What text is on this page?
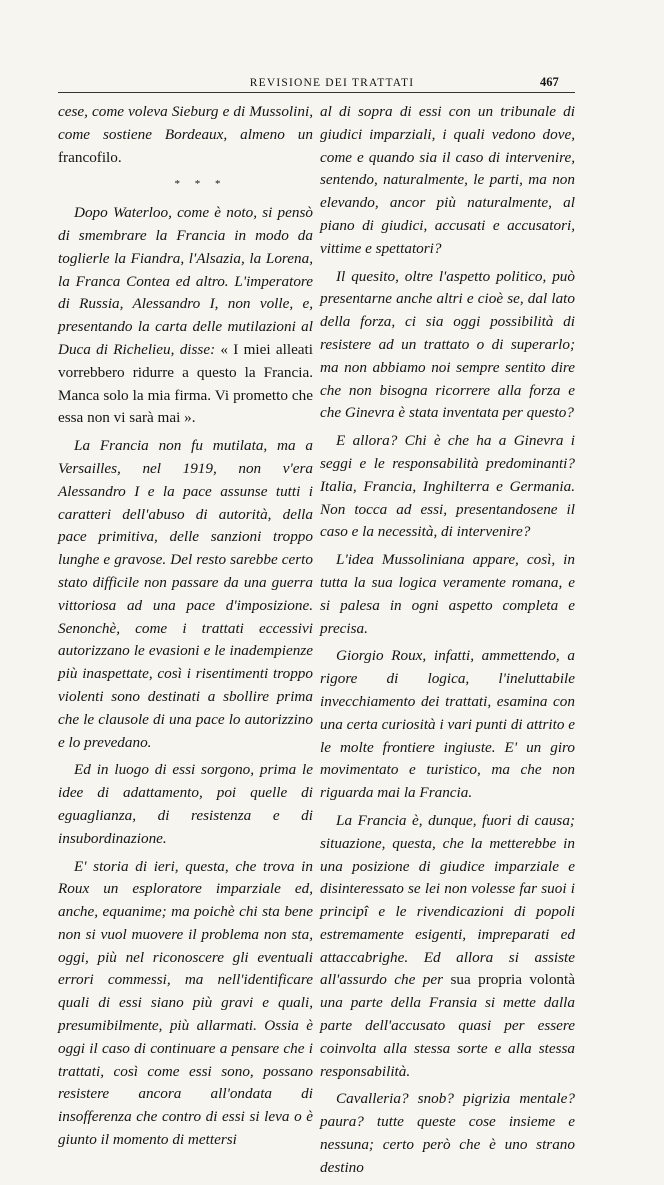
REVISIONE DEI TRATTATI	467

cese, come voleva Sieburg e di Mussolini, come sostiene Bordeaux, almeno un francofilo.

* * *

Dopo Waterloo, come è noto, si pensò di smembrare la Francia in modo da toglierle la Fiandra, l'Alsazia, la Lorena, la Franca Contea ed altro. L'imperatore di Russia, Alessandro I, non volle, e, presentando la carta delle mutilazioni al Duca di Richelieu, disse: « I miei alleati vorrebbero ridurre a questo la Francia. Manca solo la mia firma. Vi prometto che essa non vi sarà mai ».

La Francia non fu mutilata, ma a Versailles, nel 1919, non v'era Alessandro I e la pace assunse tutti i caratteri dell'abuso di autorità, della pace primitiva, delle sanzioni troppo lunghe e gravose. Del resto sarebbe certo stato difficile non passare da una guerra vittoriosa ad una pace d'imposizione. Senonchè, come i trattati eccessivi autorizzano le evasioni e le inadempienze più inaspettate, così i risentimenti troppo violenti sono destinati a sbollire prima che le clausole di una pace lo autorizzino e lo prevedano.

Ed in luogo di essi sorgono, prima le idee di adattamento, poi quelle di eguaglianza, di resistenza e di insubordinazione.

E' storia di ieri, questa, che trova in Roux un esploratore imparziale ed, anche, equanime; ma poichè chi sta bene non si vuol muovere il problema non sta, oggi, più nel riconoscere gli eventuali errori commessi, ma nell'identificare quali di essi siano più gravi e quali, presumibilmente, più allarmati. Ossia è oggi il caso di continuare a pensare che i trattati, così come essi sono, possano resistere ancora all'ondata di insofferenza che contro di essi si leva o è giunto il momento di mettersi

al di sopra di essi con un tribunale di giudici imparziali, i quali vedono dove, come e quando sia il caso di intervenire, sentendo, naturalmente, le parti, ma non elevando, ancor più naturalmente, al piano di giudici, accusati e accusatori, vittime e spettatori?

Il quesito, oltre l'aspetto politico, può presentarne anche altri e cioè se, dal lato della forza, ci sia oggi possibilità di resistere ad un trattato o di superarlo; ma non abbiamo noi sempre sentito dire che non bisogna ricorrere alla forza e che Ginevra è stata inventata per questo?

E allora? Chi è che ha a Ginevra i seggi e le responsabilità predominanti? Italia, Francia, Inghilterra e Germania. Non tocca ad essi, presentandosene il caso e la necessità, di intervenire?

L'idea Mussoliniana appare, così, in tutta la sua logica veramente romana, e si palesa in ogni aspetto completa e precisa.

Giorgio Roux, infatti, ammettendo, a rigore di logica, l'ineluttabile invecchiamento dei trattati, esamina con una certa curiosità i vari punti di attrito e le molte frontiere ingiuste. E' un giro movimentato e turistico, ma che non riguarda mai la Francia.

La Francia è, dunque, fuori di causa; situazione, questa, che la metterebbe in una posizione di giudice imparziale e disinteressato se lei non volesse far suoi i principî e le rivendicazioni di popoli estremamente esigenti, impreparati ed attaccabrighe. Ed allora si assiste all'assurdo che per sua propria volontà una parte della Fransia si mette dalla parte dell'accusato quasi per essere coinvolta alla stessa sorte e alla stessa responsabilità.

Cavalleria? snob? pigrizia mentale? paura? tutte queste cose insieme e nessuna; certo però che è uno strano destino
